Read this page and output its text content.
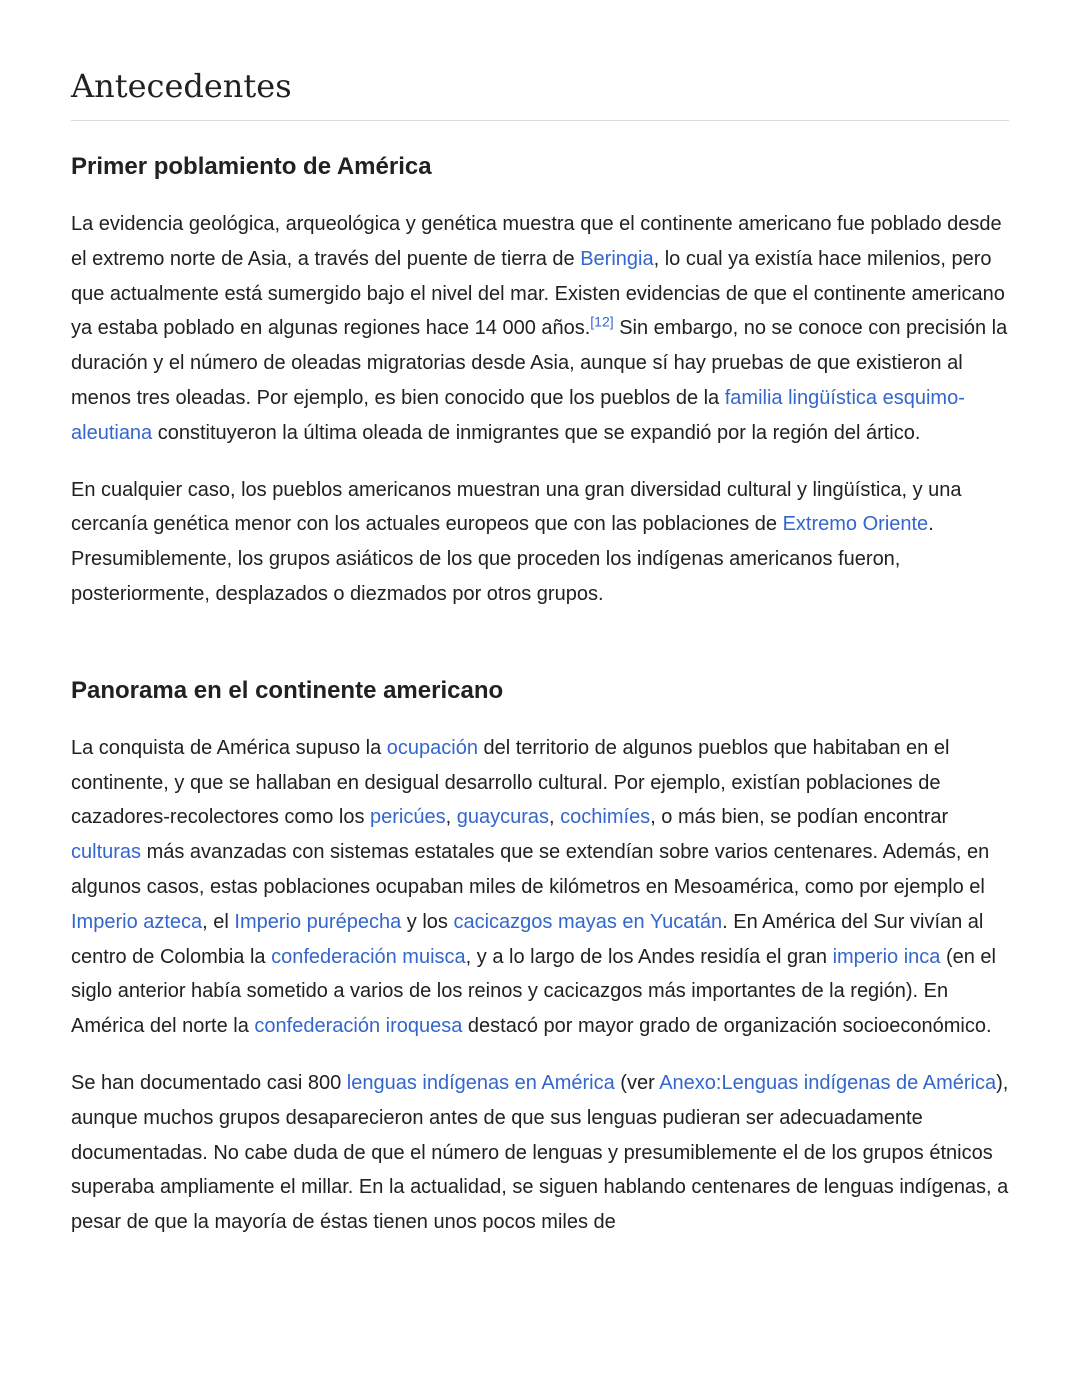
Antecedentes
Primer poblamiento de América

La evidencia geológica, arqueológica y genética muestra que el continente americano fue poblado desde el extremo norte de Asia, a través del puente de tierra de Beringia, lo cual ya existía hace milenios, pero que actualmente está sumergido bajo el nivel del mar. Existen evidencias de que el continente americano ya estaba poblado en algunas regiones hace 14 000 años.[12] Sin embargo, no se conoce con precisión la duración y el número de oleadas migratorias desde Asia, aunque sí hay pruebas de que existieron al menos tres oleadas. Por ejemplo, es bien conocido que los pueblos de la familia lingüística esquimo-aleutiana constituyeron la última oleada de inmigrantes que se expandió por la región del ártico.

En cualquier caso, los pueblos americanos muestran una gran diversidad cultural y lingüística, y una cercanía genética menor con los actuales europeos que con las poblaciones de Extremo Oriente. Presumiblemente, los grupos asiáticos de los que proceden los indígenas americanos fueron, posteriormente, desplazados o diezmados por otros grupos.

Panorama en el continente americano

La conquista de América supuso la ocupación del territorio de algunos pueblos que habitaban en el continente, y que se hallaban en desigual desarrollo cultural. Por ejemplo, existían poblaciones de cazadores-recolectores como los pericúes, guaycuras, cochimíes, o más bien, se podían encontrar culturas más avanzadas con sistemas estatales que se extendían sobre varios centenares. Además, en algunos casos, estas poblaciones ocupaban miles de kilómetros en Mesoamérica, como por ejemplo el Imperio azteca, el Imperio purépecha y los cacicazgos mayas en Yucatán. En América del Sur vivían al centro de Colombia la confederación muisca, y a lo largo de los Andes residía el gran imperio inca (en el siglo anterior había sometido a varios de los reinos y cacicazgos más importantes de la región). En América del norte la confederación iroquesa destacó por mayor grado de organización socioeconómico.

Se han documentado casi 800 lenguas indígenas en América (ver Anexo:Lenguas indígenas de América), aunque muchos grupos desaparecieron antes de que sus lenguas pudieran ser adecuadamente documentadas. No cabe duda de que el número de lenguas y presumiblemente el de los grupos étnicos superaba ampliamente el millar. En la actualidad, se siguen hablando centenares de lenguas indígenas, a pesar de que la mayoría de éstas tienen unos pocos miles de
